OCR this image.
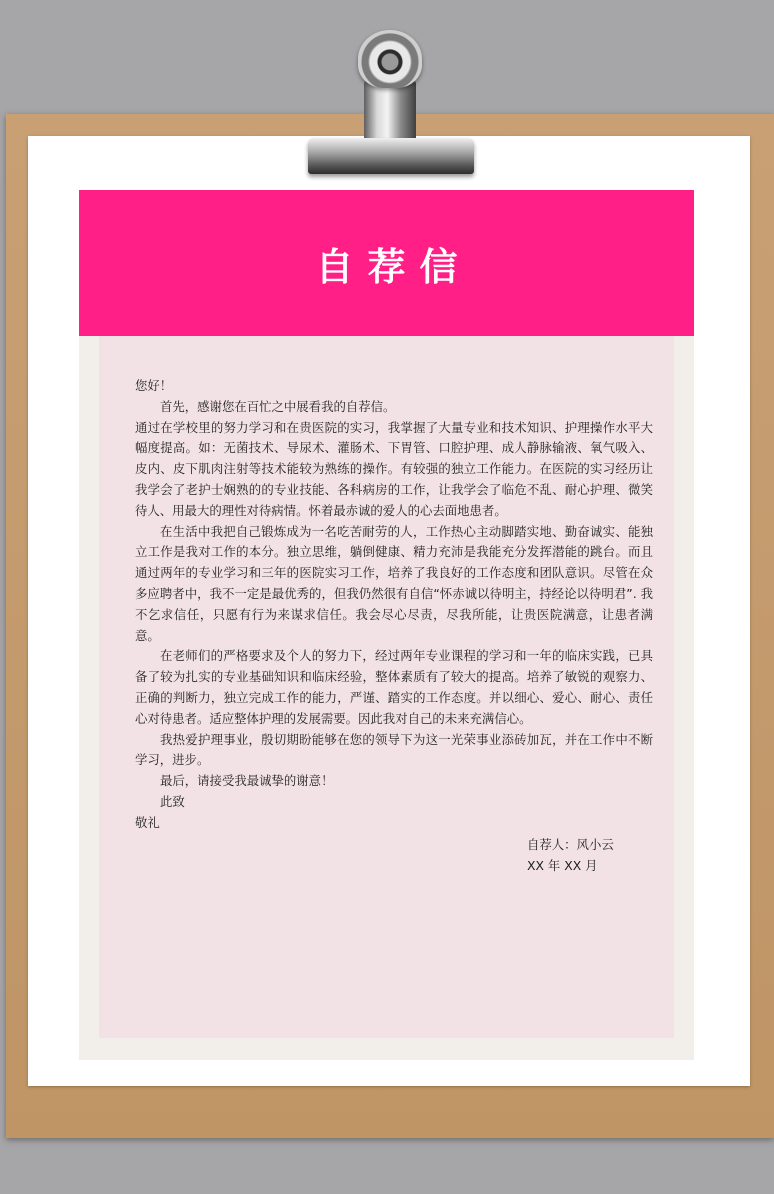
自荐信

您好！

首先，感谢您在百忙之中展看我的自荐信。

通过在学校里的努力学习和在贵医院的实习，我掌握了大量专业和技术知识、护理操作水平大幅度提高。如：无菌技术、导尿术、灌肠术、下胃管、口腔护理、成人静脉输液、氧气吸入、皮内、皮下肌肉注射等技术能较为熟练的操作。有较强的独立工作能力。在医院的实习经历让我学会了老护士娴熟的的专业技能、各科病房的工作，让我学会了临危不乱、耐心护理、微笑待人、用最大的理性对待病情。怀着最赤诚的爱人的心去面地患者。

在生活中我把自己锻炼成为一名吃苦耐劳的人，工作热心主动脚踏实地、勤奋诚实、能独立工作是我对工作的本分。独立思维，躺倒健康、精力充沛是我能充分发挥潜能的跳台。而且通过两年的专业学习和三年的医院实习工作，培养了我良好的工作态度和团队意识。尽管在众多应聘者中，我不一定是最优秀的，但我仍然很有自信“怀赤诚以待明主，持经论以待明君”. 我不乞求信任，只愿有行为来谋求信任。我会尽心尽责，尽我所能，让贵医院满意，让患者满意。

在老师们的严格要求及个人的努力下，经过两年专业课程的学习和一年的临床实践，已具备了较为扎实的专业基础知识和临床经验，整体素质有了较大的提高。培养了敏锐的观察力、正确的判断力，独立完成工作的能力，严谨、踏实的工作态度。并以细心、爱心、耐心、责任心对待患者。适应整体护理的发展需要。因此我对自己的未来充满信心。

我热爱护理事业，殷切期盼能够在您的领导下为这一光荣事业添砖加瓦，并在工作中不断学习，进步。

最后，请接受我最诚挚的谢意！

此致

敬礼

自荐人：风小云
XX 年 XX 月
